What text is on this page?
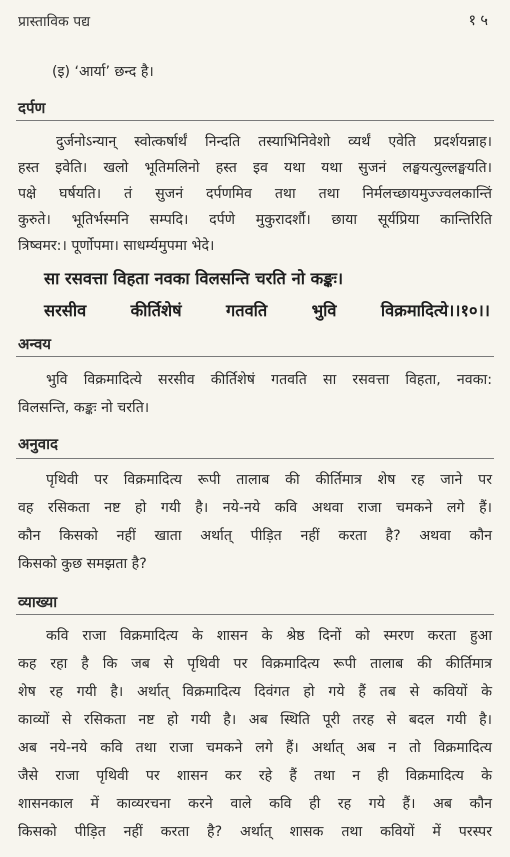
प्रास्ताविक पद्य	१५
(इ) ‘आर्या’ छन्द है।
दर्पण
दुर्जनोऽन्यान् स्वोत्कर्षार्थं निन्दति तस्याभिनिवेशो व्यर्थं एवेति प्रदर्शयन्नाह।
हस्त इवेति। खलो भूतिमलिनो हस्त इव यथा यथा सुजनं लङ्घयत्युल्लङ्घयति।
पक्षे घर्षयति। तं सुजनं दर्पणमिव तथा तथा निर्मलच्छायमुज्ज्वलकान्तिं
कुरुते। भूतिर्भस्मनि सम्पदि। दर्पणे मुकुरादर्शौ। छाया सूर्यप्रिया कान्तिरिति
त्रिष्वमर:। पूर्णोपमा। साधर्म्यमुपमा भेदे।
सा रसवत्ता विहता नवका विलसन्ति चरति नो कङ्कः।
सरसीव कीर्तिशेषं गतवति भुवि विक्रमादित्ये।।१०।।
अन्वय
भुवि विक्रमादित्ये सरसीव कीर्तिशेषं गतवति सा रसवत्ता विहता, नवका:
विलसन्ति, कङ्कः नो चरति।
अनुवाद
पृथिवी पर विक्रमादित्य रूपी तालाब की कीर्तिमात्र शेष रह जाने पर
वह रसिकता नष्ट हो गयी है। नये-नये कवि अथवा राजा चमकने लगे हैं।
कौन किसको नहीं खाता अर्थात् पीड़ित नहीं करता है? अथवा कौन
किसको कुछ समझता है?
व्याख्या
कवि राजा विक्रमादित्य के शासन के श्रेष्ठ दिनों को स्मरण करता हुआ
कह रहा है कि जब से पृथिवी पर विक्रमादित्य रूपी तालाब की कीर्तिमात्र
शेष रह गयी है। अर्थात् विक्रमादित्य दिवंगत हो गये हैं तब से कवियों के
काव्यों से रसिकता नष्ट हो गयी है। अब स्थिति पूरी तरह से बदल गयी है।
अब नये-नये कवि तथा राजा चमकने लगे हैं। अर्थात् अब न तो विक्रमादित्य
जैसे राजा पृथिवी पर शासन कर रहे हैं तथा न ही विक्रमादित्य के
शासनकाल में काव्यरचना करने वाले कवि ही रह गये हैं। अब कौन
किसको पीड़ित नहीं करता है? अर्थात् शासक तथा कवियों में परस्पर
